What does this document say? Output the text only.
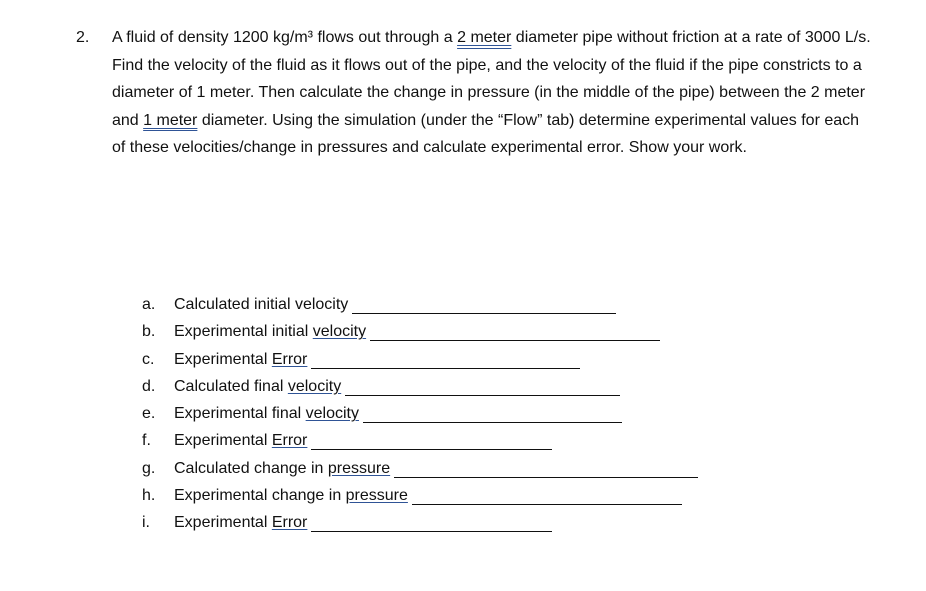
2. A fluid of density 1200 kg/m³ flows out through a 2 meter diameter pipe without friction at a rate of 3000 L/s. Find the velocity of the fluid as it flows out of the pipe, and the velocity of the fluid if the pipe constricts to a diameter of 1 meter. Then calculate the change in pressure (in the middle of the pipe) between the 2 meter and 1 meter diameter. Using the simulation (under the “Flow” tab) determine experimental values for each of these velocities/change in pressures and calculate experimental error. Show your work.
a. Calculated initial velocity
b. Experimental initial velocity
c. Experimental Error
d. Calculated final velocity
e. Experimental final velocity
f. Experimental Error
g. Calculated change in pressure
h. Experimental change in pressure
i. Experimental Error
